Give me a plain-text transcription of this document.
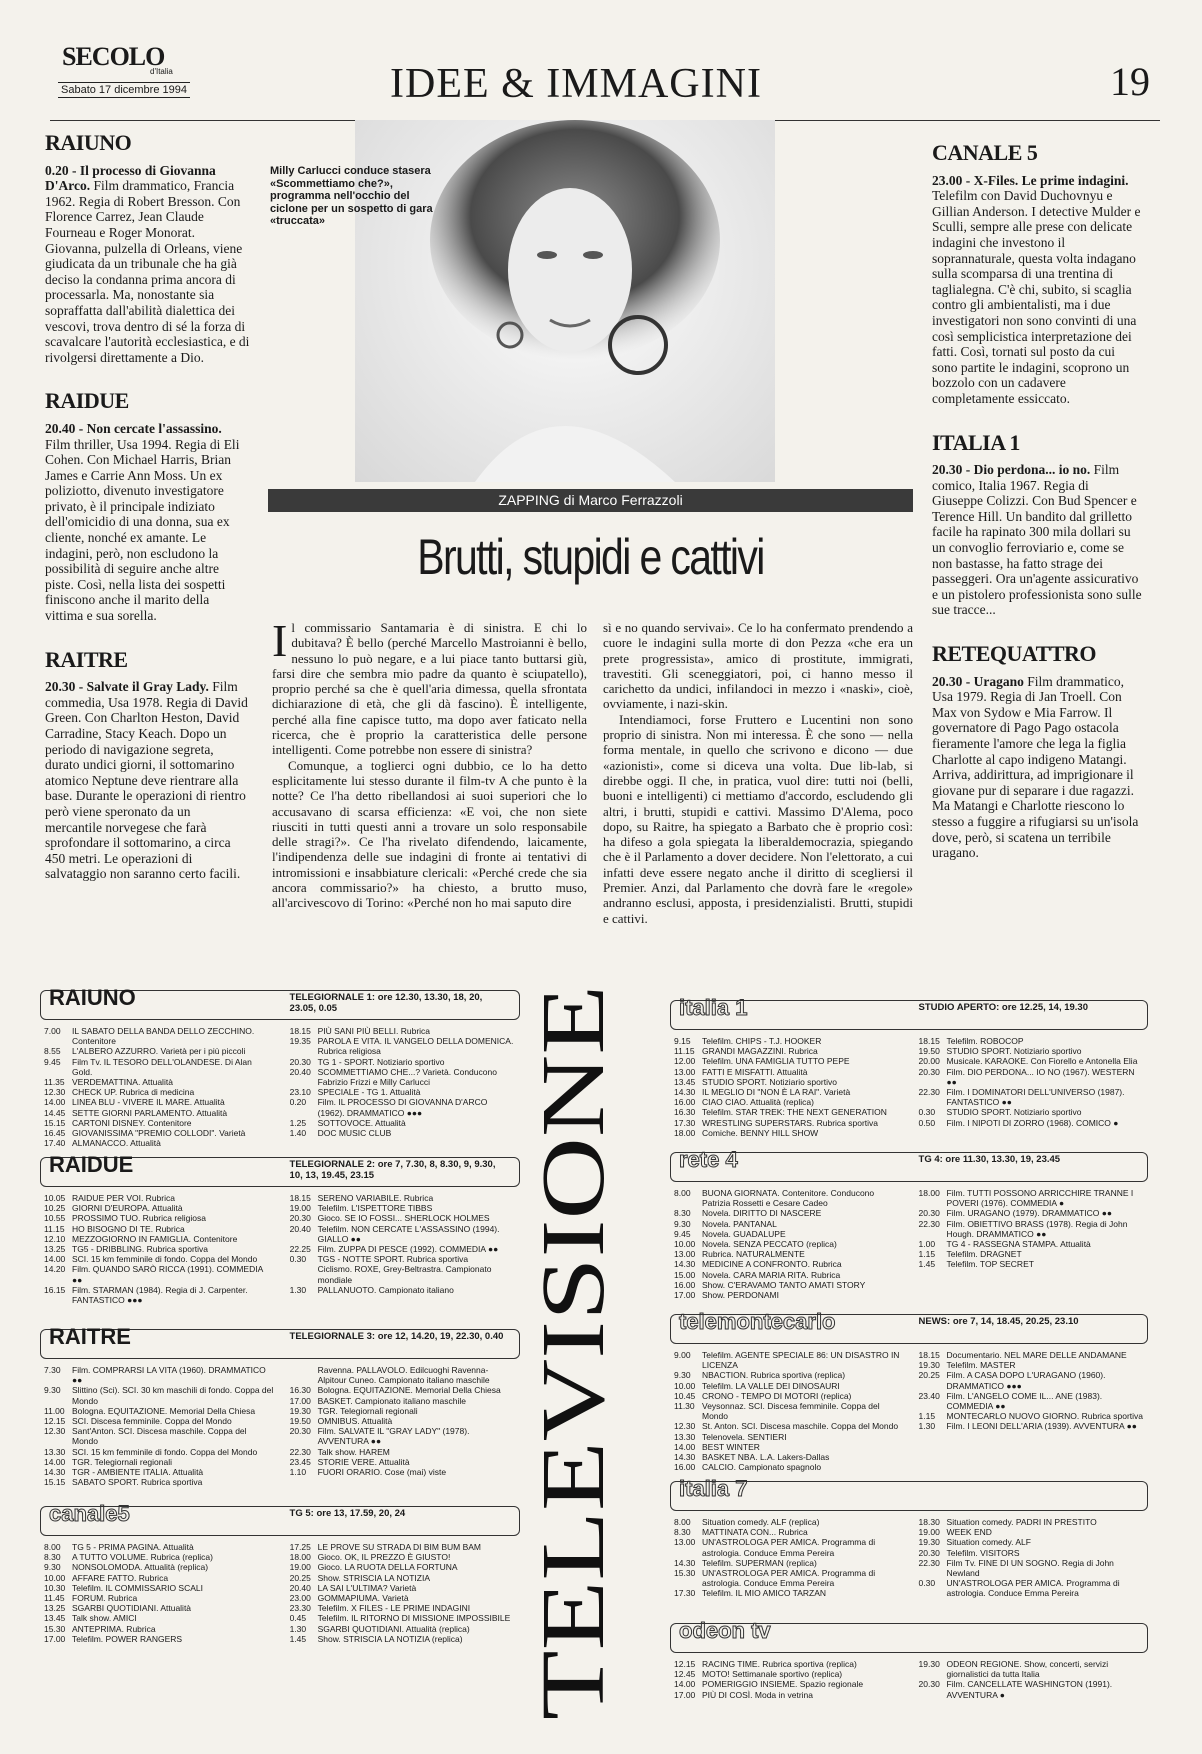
SECOLO
d'Italia
Sabato 17 dicembre 1994	IDEE & IMMAGINI	19
RAIUNO

0.20 - Il processo di Giovanna D'Arco. Film drammatico, Francia 1962. Regia di Robert Bresson. Con Florence Carrez, Jean Claude Fourneau e Roger Monorat. Giovanna, pulzella di Orleans, viene giudicata da un tribunale che ha già deciso la condanna prima ancora di processarla. Ma, nonostante sia sopraffatta dall'abilità dialettica dei vescovi, trova dentro di sé la forza di scavalcare l'autorità ecclesiastica, e di rivolgersi direttamente a Dio.

RAIDUE

20.40 - Non cercate l'assassino. Film thriller, Usa 1994. Regia di Eli Cohen. Con Michael Harris, Brian James e Carrie Ann Moss. Un ex poliziotto, divenuto investigatore privato, è il principale indiziato dell'omicidio di una donna, sua ex cliente, nonché ex amante. Le indagini, però, non escludono la possibilità di seguire anche altre piste. Così, nella lista dei sospetti finiscono anche il marito della vittima e sua sorella.

RAITRE

20.30 - Salvate il Gray Lady. Film commedia, Usa 1978. Regia di David Green. Con Charlton Heston, David Carradine, Stacy Keach. Dopo un periodo di navigazione segreta, durato undici giorni, il sottomarino atomico Neptune deve rientrare alla base. Durante le operazioni di rientro però viene speronato da un mercantile norvegese che farà sprofondare il sottomarino, a circa 450 metri. Le operazioni di salvataggio non saranno certo facili.

CANALE 5

23.00 - X-Files. Le prime indagini. Telefilm con David Duchovnyu e Gillian Anderson. I detective Mulder e Sculli, sempre alle prese con delicate indagini che investono il soprannaturale, questa volta indagano sulla scomparsa di una trentina di taglialegna. C'è chi, subito, si scaglia contro gli ambientalisti, ma i due investigatori non sono convinti di una così semplicistica interpretazione dei fatti. Così, tornati sul posto da cui sono partite le indagini, scoprono un bozzolo con un cadavere completamente essiccato.

ITALIA 1

20.30 - Dio perdona... io no. Film comico, Italia 1967. Regia di Giuseppe Colizzi. Con Bud Spencer e Terence Hill. Un bandito dal grilletto facile ha rapinato 300 mila dollari su un convoglio ferroviario e, come se non bastasse, ha fatto strage dei passeggeri. Ora un'agente assicurativo e un pistolero professionista sono sulle sue tracce...

RETEQUATTRO

20.30 - Uragano Film drammatico, Usa 1979. Regia di Jan Troell. Con Max von Sydow e Mia Farrow. Il governatore di Pago Pago ostacola fieramente l'amore che lega la figlia Charlotte al capo indigeno Matangi. Arriva, addirittura, ad imprigionare il giovane pur di separare i due ragazzi. Ma Matangi e Charlotte riescono lo stesso a fuggire a rifugiarsi su un'isola dove, però, si scatena un terribile uragano.

Milly Carlucci conduce stasera «Scommettiamo che?», programma nell'occhio del ciclone per un sospetto di gara «truccata»
ZAPPING di Marco Ferrazzoli
Brutti, stupidi e cattivi

Il commissario Santamaria è di sinistra. E chi lo dubitava? È bello (perché Marcello Mastroianni è bello, nessuno lo può negare, e a lui piace tanto buttarsi giù, farsi dire che sembra mio padre da quanto è sciupatello), proprio perché sa che è quell'aria dimessa, quella sfrontata dichiarazione di età, che gli dà fascino). È intelligente, perché alla fine capisce tutto, ma dopo aver faticato nella ricerca, che è proprio la caratteristica delle persone intelligenti. Come potrebbe non essere di sinistra?

Comunque, a toglierci ogni dubbio, ce lo ha detto esplicitamente lui stesso durante il film-tv A che punto è la notte? Ce l'ha detto ribellandosi ai suoi superiori che lo accusavano di scarsa efficienza: «E voi, che non siete riusciti in tutti questi anni a trovare un solo responsabile delle stragi?». Ce l'ha rivelato difendendo, laicamente, l'indipendenza delle sue indagini di fronte ai tentativi di intromissioni e insabbiature clericali: «Perché crede che sia ancora commissario?» ha chiesto, a brutto muso, all'arcivescovo di Torino: «Perché non ho mai saputo dire

sì e no quando servivai». Ce lo ha confermato prendendo a cuore le indagini sulla morte di don Pezza «che era un prete progressista», amico di prostitute, immigrati, travestiti. Gli sceneggiatori, poi, ci hanno messo il carichetto da undici, infilandoci in mezzo i «naski», cioè, ovviamente, i nazi-skin.

Intendiamoci, forse Fruttero e Lucentini non sono proprio di sinistra. Non mi interessa. È che sono — nella forma mentale, in quello che scrivono e dicono — due «azionisti», come si diceva una volta. Due lib-lab, si direbbe oggi. Il che, in pratica, vuol dire: tutti noi (belli, buoni e intelligenti) ci mettiamo d'accordo, escludendo gli altri, i brutti, stupidi e cattivi. Massimo D'Alema, poco dopo, su Raitre, ha spiegato a Barbato che è proprio così: ha difeso a gola spiegata la liberaldemocrazia, spiegando che è il Parlamento a dover decidere. Non l'elettorato, a cui infatti deve essere negato anche il diritto di scegliersi il Premier. Anzi, dal Parlamento che dovrà fare le «regole» andranno esclusi, apposta, i presidenzialisti. Brutti, stupidi e cattivi.

TELEVISIONE
RAIUNO	TELEGIORNALE 1: ore 12.30, 13.30, 18, 20, 23.05, 0.05
7.00	IL SABATO DELLA BANDA DELLO ZECCHINO. Contenitore
8.55	L'ALBERO AZZURRO. Varietà per i più piccoli
9.45	Film Tv. IL TESORO DELL'OLANDESE. Di Alan Gold.
11.35 VERDEMATTINA. Attualità
12.30 CHECK UP. Rubrica di medicina
14.00 LINEA BLU - VIVERE IL MARE. Attualità
14.45 SETTE GIORNI PARLAMENTO. Attualità
15.15 CARTONI DISNEY. Contenitore
16.45 GIOVANISSIMA "PREMIO COLLODI". Varietà
17.40 ALMANACCO. Attualità
18.15 PIÙ SANI PIÙ BELLI. Rubrica
19.35 PAROLA E VITA. IL VANGELO DELLA DOMENICA. Rubrica religiosa
20.30 TG 1 - SPORT. Notiziario sportivo
20.40 SCOMMETTIAMO CHE...? Varietà. Conducono Fabrizio Frizzi e Milly Carlucci
23.10 SPECIALE - TG 1. Attualità
0.20	Film. IL PROCESSO DI GIOVANNA D'ARCO (1962). DRAMMATICO ●●●
1.25	SOTTOVOCE. Attualità
1.40	DOC MUSIC CLUB
RAIDUE	TELEGIORNALE 2: ore 7, 7.30, 8, 8.30, 9, 9.30, 10, 13, 19.45, 23.15
10.05 RAIDUE PER VOI. Rubrica
10.25 GIORNI D'EUROPA. Attualità
10.55 PROSSIMO TUO. Rubrica religiosa
11.15 HO BISOGNO DI TE. Rubrica
12.10 MEZZOGIORNO IN FAMIGLIA. Contenitore
13.25 TG5 - DRIBBLING. Rubrica sportiva
14.00 SCI. 15 km femminile di fondo. Coppa del Mondo
14.20 Film. QUANDO SARÒ RICCA (1991). COMMEDIA ●●
16.15 Film. STARMAN (1984). Regia di J. Carpenter. FANTASTICO ●●●
18.15 SERENO VARIABILE. Rubrica
19.00 Telefilm. L'ISPETTORE TIBBS
20.30 Gioco. SE IO FOSSI... SHERLOCK HOLMES
20.40 Telefilm. NON CERCATE L'ASSASSINO (1994). GIALLO ●●
22.25 Film. ZUPPA DI PESCE (1992). COMMEDIA ●●
0.30	TGS - NOTTE SPORT. Rubrica sportiva
Ciclismo. ROXE, Grey-Beltrastra. Campionato mondiale
1.30	PALLANUOTO. Campionato italiano
RAITRE	TELEGIORNALE 3: ore 12, 14.20, 19, 22.30, 0.40
7.30	Film. COMPRARSI LA VITA (1960). DRAMMATICO ●●
9.30	Slittino (Sci). SCI. 30 km maschili di fondo. Coppa del Mondo
11.00 Bologna. EQUITAZIONE. Memorial Della Chiesa
12.15 SCI. Discesa femminile. Coppa del Mondo
12.30 Sant'Anton. SCI. Discesa maschile. Coppa del Mondo
13.30 SCI. 15 km femminile di fondo. Coppa del Mondo
14.00 TGR. Telegiornali regionali
14.30 TGR - AMBIENTE ITALIA. Attualità
15.15 SABATO SPORT. Rubrica sportiva
Ravenna. PALLAVOLO. Edilcuoghi Ravenna-Alpitour Cuneo. Campionato italiano maschile
16.30 Bologna. EQUITAZIONE. Memorial Della Chiesa
17.00 BASKET. Campionato italiano maschile
19.30 TGR. Telegiornali regionali
19.50 OMNIBUS. Attualità
20.30 Film. SALVATE IL "GRAY LADY" (1978). AVVENTURA ●●
22.30 Talk show. HAREM
23.45 STORIE VERE. Attualità
1.10	FUORI ORARIO. Cose (mai) viste
canale5	TG 5: ore 13, 17.59, 20, 24
8.00	TG 5 - PRIMA PAGINA. Attualità
8.30	A TUTTO VOLUME. Rubrica (replica)
9.30	NONSOLOMODA. Attualità (replica)
10.00 AFFARE FATTO. Rubrica
10.30 Telefilm. IL COMMISSARIO SCALI
11.45 FORUM. Rubrica
13.25 SGARBI QUOTIDIANI. Attualità
13.45 Talk show. AMICI
15.30 ANTEPRIMA. Rubrica
17.00 Telefilm. POWER RANGERS
17.25 LE PROVE SU STRADA DI BIM BUM BAM
18.00 Gioco. OK, IL PREZZO È GIUSTO!
19.00 Gioco. LA RUOTA DELLA FORTUNA
20.25 Show. STRISCIA LA NOTIZIA
20.40 LA SAI L'ULTIMA? Varietà
23.00 GOMMAPIUMA. Varietà
23.30 Telefilm. X FILES - LE PRIME INDAGINI
0.45	Telefilm. IL RITORNO DI MISSIONE IMPOSSIBILE
1.30	SGARBI QUOTIDIANI. Attualità (replica)
1.45	Show. STRISCIA LA NOTIZIA (replica)
italia 1	STUDIO APERTO: ore 12.25, 14, 19.30
9.15	Telefilm. CHIPS - T.J. HOOKER
11.15 GRANDI MAGAZZINI. Rubrica
12.00 Telefilm. UNA FAMIGLIA TUTTO PEPE
13.00 FATTI E MISFATTI. Attualità
13.45 STUDIO SPORT. Notiziario sportivo
14.30 IL MEGLIO DI "NON È LA RAI". Varietà
16.00 CIAO CIAO. Attualità (replica)
16.30 Telefilm. STAR TREK: THE NEXT GENERATION
17.30 WRESTLING SUPERSTARS. Rubrica sportiva
18.00 Comiche. BENNY HILL SHOW
18.15 Telefilm. ROBOCOP
19.50 STUDIO SPORT. Notiziario sportivo
20.00 Musicale. KARAOKE. Con Fiorello e Antonella Elia
20.30 Film. DIO PERDONA... IO NO (1967). WESTERN ●●
22.30 Film. I DOMINATORI DELL'UNIVERSO (1987). FANTASTICO ●●
0.30	STUDIO SPORT. Notiziario sportivo
0.50	Film. I NIPOTI DI ZORRO (1968). COMICO ●
rete 4	TG 4: ore 11.30, 13.30, 19, 23.45
8.00	BUONA GIORNATA. Contenitore. Conducono Patrizia Rossetti e Cesare Cadeo
8.30	Novela. DIRITTO DI NASCERE
9.30	Novela. PANTANAL
9.45	Novela. GUADALUPE
10.00 Novela. SENZA PECCATO (replica)
13.00 Rubrica. NATURALMENTE
14.30 MEDICINE A CONFRONTO. Rubrica
15.00 Novela. CARA MARIA RITA. Rubrica
16.00 Show. C'ERAVAMO TANTO AMATI STORY
17.00 Show. PERDONAMI
18.00 Film. TUTTI POSSONO ARRICCHIRE TRANNE I POVERI (1976). COMMEDIA ●
20.30 Film. URAGANO (1979). DRAMMATICO ●●
22.30 Film. OBIETTIVO BRASS (1978). Regia di John Hough. DRAMMATICO ●●
1.00	TG 4 - RASSEGNA STAMPA. Attualità
1.15	Telefilm. DRAGNET
1.45	Telefilm. TOP SECRET
telemontecarlo	NEWS: ore 7, 14, 18.45, 20.25, 23.10
9.00	Telefilm. AGENTE SPECIALE 86: UN DISASTRO IN LICENZA
9.30	NBACTION. Rubrica sportiva (replica)
10.00 Telefilm. LA VALLE DEI DINOSAURI
10.45 CRONO - TEMPO DI MOTORI (replica)
11.30 Veysonnaz. SCI. Discesa femminile. Coppa del Mondo
12.30 St. Anton. SCI. Discesa maschile. Coppa del Mondo
13.30 Telenovela. SENTIERI
14.00 BEST WINTER
14.30 BASKET NBA. L.A. Lakers-Dallas
16.00 CALCIO. Campionato spagnolo
18.15 Documentario. NEL MARE DELLE ANDAMANE
19.30 Telefilm. MASTER
20.25 Film. A CASA DOPO L'URAGANO (1960). DRAMMATICO ●●●
23.40 Film. L'ANGELO COME IL... ANE (1983). COMMEDIA ●●
1.15	MONTECARLO NUOVO GIORNO. Rubrica sportiva
1.30	Film. I LEONI DELL'ARIA (1939). AVVENTURA ●●
italia 7
8.00	Situation comedy. ALF (replica)
8.30	MATTINATA CON... Rubrica
13.00 UN'ASTROLOGA PER AMICA. Programma di astrologia. Conduce Emma Pereira
14.30 Telefilm. SUPERMAN (replica)
15.30 UN'ASTROLOGA PER AMICA. Programma di astrologia. Conduce Emma Pereira
17.30 Telefilm. IL MIO AMICO TARZAN
18.30 Situation comedy. PADRI IN PRESTITO
19.00 WEEK END
19.30 Situation comedy. ALF
20.30 Telefilm. VISITORS
22.30 Film Tv. FINE DI UN SOGNO. Regia di John Newland
0.30	UN'ASTROLOGA PER AMICA. Programma di astrologia. Conduce Emma Pereira
odeon tv
12.15 RACING TIME. Rubrica sportiva (replica)
12.45 MOTO! Settimanale sportivo (replica)
14.00 POMERIGGIO INSIEME. Spazio regionale
17.00 PIÙ DI COSÌ. Moda in vetrina
19.30 ODEON REGIONE. Show, concerti, servizi giornalistici da tutta Italia
20.30 Film. CANCELLATE WASHINGTON (1991). AVVENTURA ●
